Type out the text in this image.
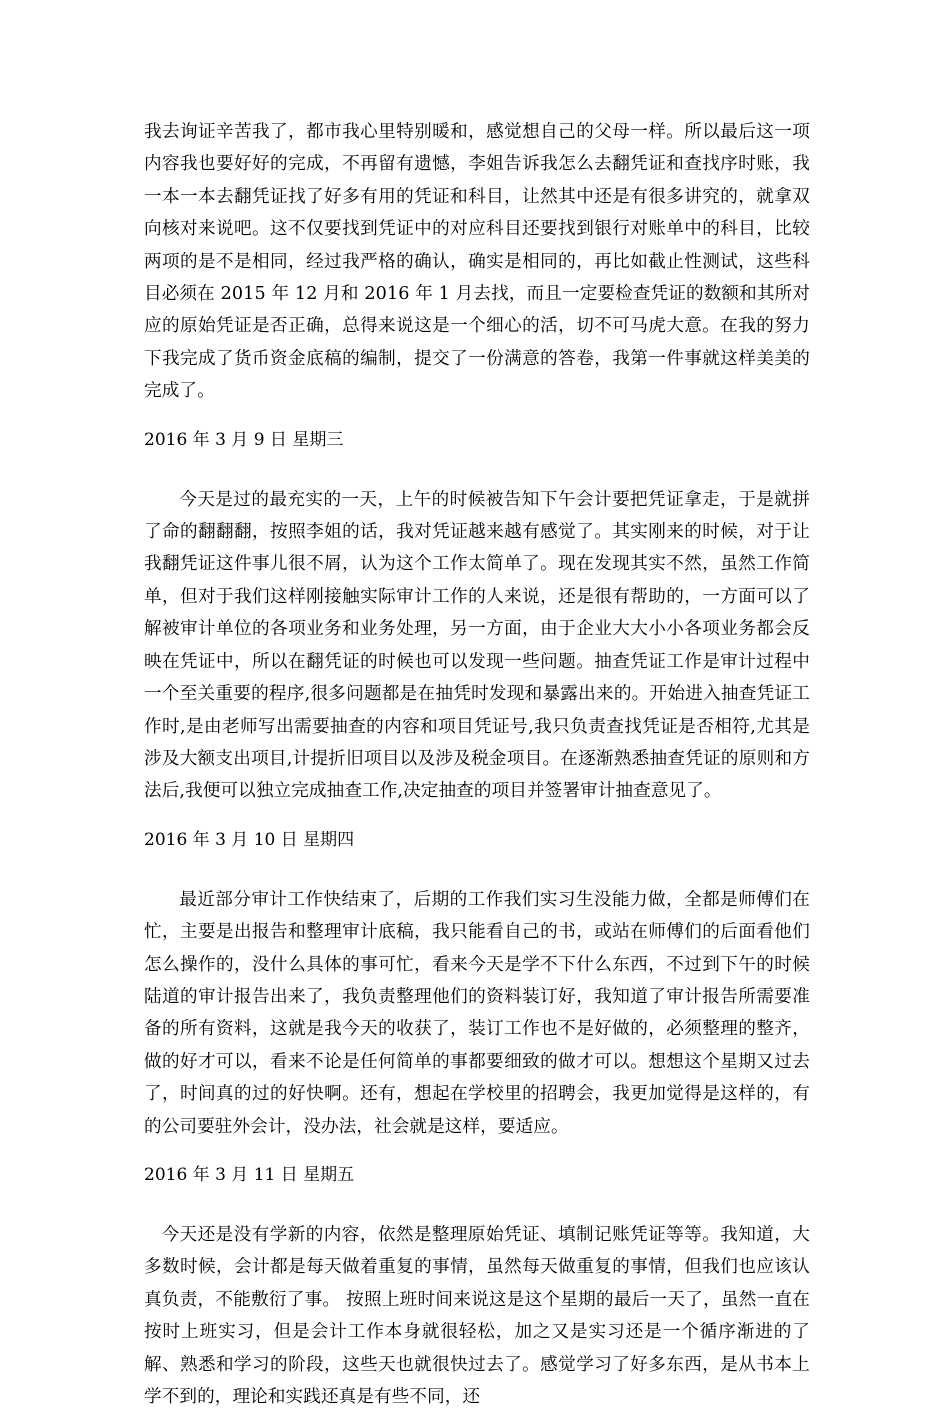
我去询证辛苦我了，都市我心里特别暖和，感觉想自己的父母一样。所以最后这一项内容我也要好好的完成，不再留有遗憾，李姐告诉我怎么去翻凭证和查找序时账，我一本一本去翻凭证找了好多有用的凭证和科目，让然其中还是有很多讲究的，就拿双向核对来说吧。这不仅要找到凭证中的对应科目还要找到银行对账单中的科目，比较两项的是不是相同，经过我严格的确认，确实是相同的，再比如截止性测试，这些科目必须在 2015 年 12 月和 2016 年 1 月去找，而且一定要检查凭证的数额和其所对应的原始凭证是否正确，总得来说这是一个细心的活，切不可马虎大意。在我的努力下我完成了货币资金底稿的编制，提交了一份满意的答卷，我第一件事就这样美美的完成了。

2016 年 3 月 9 日 星期三

今天是过的最充实的一天，上午的时候被告知下午会计要把凭证拿走，于是就拼了命的翻翻翻，按照李姐的话，我对凭证越来越有感觉了。其实刚来的时候，对于让我翻凭证这件事儿很不屑，认为这个工作太简单了。现在发现其实不然，虽然工作简单，但对于我们这样刚接触实际审计工作的人来说，还是很有帮助的，一方面可以了解被审计单位的各项业务和业务处理，另一方面，由于企业大大小小各项业务都会反映在凭证中，所以在翻凭证的时候也可以发现一些问题。抽查凭证工作是审计过程中一个至关重要的程序,很多问题都是在抽凭时发现和暴露出来的。开始进入抽查凭证工作时,是由老师写出需要抽查的内容和项目凭证号,我只负责查找凭证是否相符,尤其是涉及大额支出项目,计提折旧项目以及涉及税金项目。在逐渐熟悉抽查凭证的原则和方法后,我便可以独立完成抽查工作,决定抽查的项目并签署审计抽查意见了。

2016 年 3 月 10 日 星期四

最近部分审计工作快结束了，后期的工作我们实习生没能力做，全都是师傅们在忙，主要是出报告和整理审计底稿，我只能看自己的书，或站在师傅们的后面看他们怎么操作的，没什么具体的事可忙，看来今天是学不下什么东西，不过到下午的时候陆道的审计报告出来了，我负责整理他们的资料装订好，我知道了审计报告所需要准备的所有资料，这就是我今天的收获了，装订工作也不是好做的，必须整理的整齐，做的好才可以，看来不论是任何简单的事都要细致的做才可以。想想这个星期又过去了，时间真的过的好快啊。还有，想起在学校里的招聘会，我更加觉得是这样的，有的公司要驻外会计，没办法，社会就是这样，要适应。

2016 年 3 月 11 日 星期五

今天还是没有学新的内容，依然是整理原始凭证、填制记账凭证等等。我知道，大多数时候，会计都是每天做着重复的事情，虽然每天做重复的事情，但我们也应该认真负责，不能敷衍了事。 按照上班时间来说这是这个星期的最后一天了，虽然一直在按时上班实习，但是会计工作本身就很轻松，加之又是实习还是一个循序渐进的了解、熟悉和学习的阶段，这些天也就很快过去了。感觉学习了好多东西，是从书本上学不到的，理论和实践还真是有些不同，还
